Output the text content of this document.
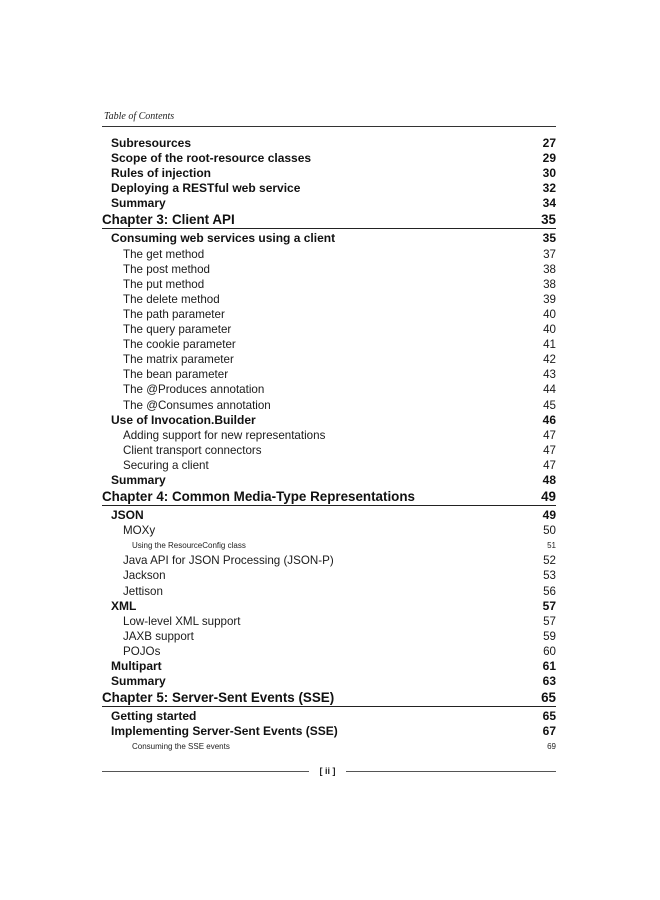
Table of Contents
Subresources	27
Scope of the root-resource classes	29
Rules of injection	30
Deploying a RESTful web service	32
Summary	34
Chapter 3: Client API	35
Consuming web services using a client	35
The get method	37
The post method	38
The put method	38
The delete method	39
The path parameter	40
The query parameter	40
The cookie parameter	41
The matrix parameter	42
The bean parameter	43
The @Produces annotation	44
The @Consumes annotation	45
Use of Invocation.Builder	46
Adding support for new representations	47
Client transport connectors	47
Securing a client	47
Summary	48
Chapter 4: Common Media-Type Representations	49
JSON	49
MOXy	50
Using the ResourceConfig class	51
Java API for JSON Processing (JSON-P)	52
Jackson	53
Jettison	56
XML	57
Low-level XML support	57
JAXB support	59
POJOs	60
Multipart	61
Summary	63
Chapter 5: Server-Sent Events (SSE)	65
Getting started	65
Implementing Server-Sent Events (SSE)	67
Consuming the SSE events	69
[ ii ]
